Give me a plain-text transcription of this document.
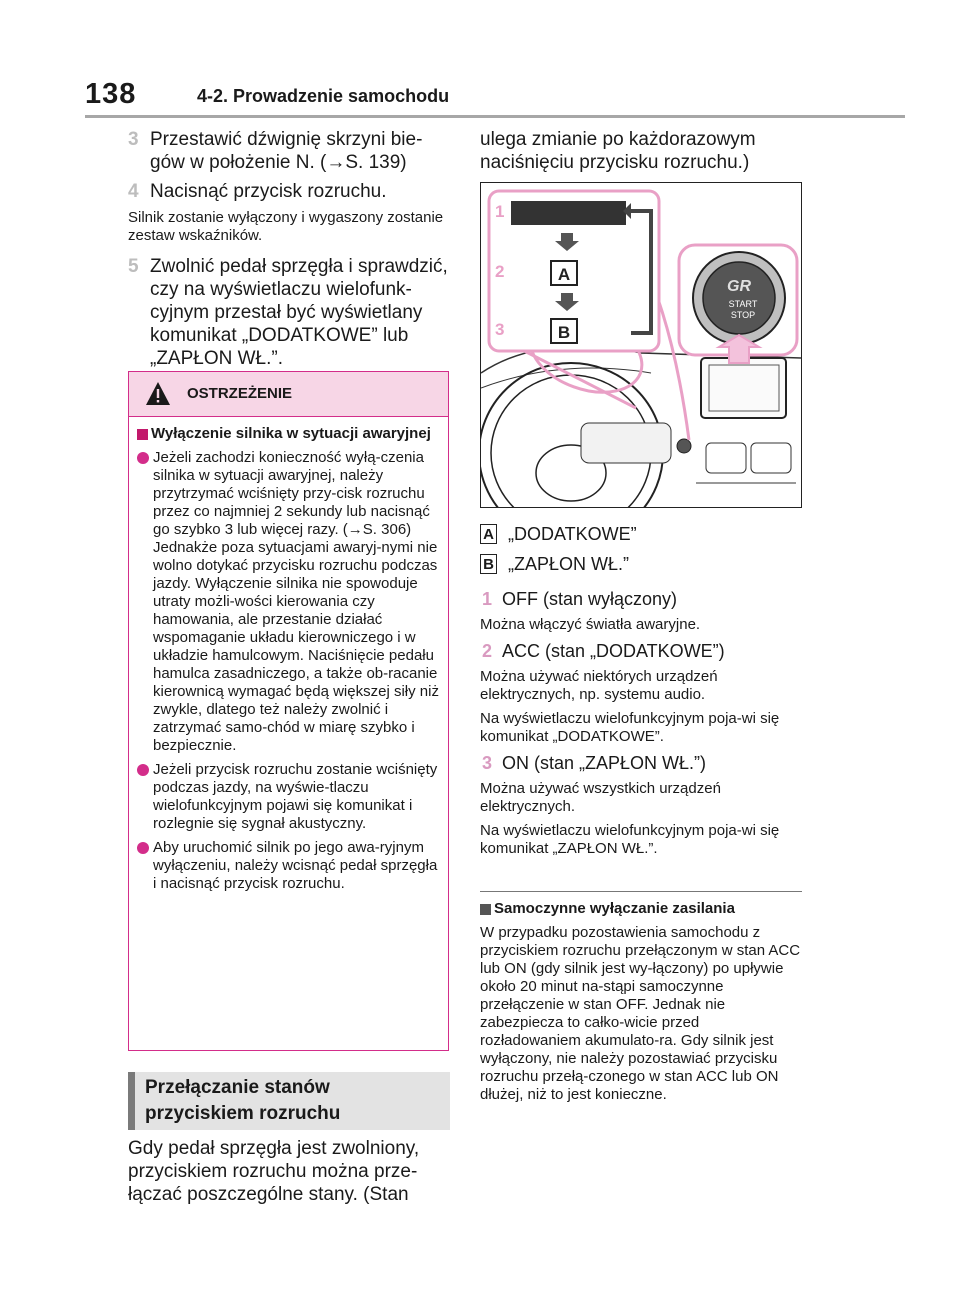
138	4-2. Prowadzenie samochodu
3 Przestawić dźwignię skrzyni bie-gów w położenie N. (→S. 139)
4 Nacisnąć przycisk rozruchu.
Silnik zostanie wyłączony i wygaszony zostanie zestaw wskaźników.
5 Zwolnić pedał sprzęgła i sprawdzić, czy na wyświetlaczu wielofunk-cyjnym przestał być wyświetlany komunikat „DODATKOWE” lub „ZAPŁON WŁ.”.
OSTRZEŻENIE
Wyłączenie silnika w sytuacji awaryjnej
Jeżeli zachodzi konieczność wyłą-czenia silnika w sytuacji awaryjnej, należy przytrzymać wciśnięty przy-cisk rozruchu przez co najmniej 2 sekundy lub nacisnąć go szybko 3 lub więcej razy. (→S. 306) Jednakże poza sytuacjami awaryj-nymi nie wolno dotykać przycisku rozruchu podczas jazdy. Wyłączenie silnika nie spowoduje utraty możli-wości kierowania czy hamowania, ale przestanie działać wspomaganie układu kierowniczego i w układzie hamulcowym. Naciśnięcie pedału hamulca zasadniczego, a także ob-racanie kierownicą wymagać będą większej siły niż zwykle, dlatego też należy zwolnić i zatrzymać samo-chód w miarę szybko i bezpiecznie.
Jeżeli przycisk rozruchu zostanie wciśnięty podczas jazdy, na wyświe-tlaczu wielofunkcyjnym pojawi się komunikat i rozlegnie się sygnał akustyczny.
Aby uruchomić silnik po jego awa-ryjnym wyłączeniu, należy wcisnąć pedał sprzęgła i nacisnąć przycisk rozruchu.
Przełączanie stanów
przyciskiem rozruchu
Gdy pedał sprzęgła jest zwolniony, przyciskiem rozruchu można prze-łączać poszczególne stany. (Stan
ulega zmianie po każdorazowym naciśnięciu przycisku rozruchu.)
1
2
3
A
B
GR
START
STOP
A „DODATKOWE”
B „ZAPŁON WŁ.”
1 OFF (stan wyłączony)
Można włączyć światła awaryjne.
2 ACC (stan „DODATKOWE”)
Można używać niektórych urządzeń elektrycznych, np. systemu audio.
Na wyświetlaczu wielofunkcyjnym poja-wi się komunikat „DODATKOWE”.
3 ON (stan „ZAPŁON WŁ.”)
Można używać wszystkich urządzeń elektrycznych.
Na wyświetlaczu wielofunkcyjnym poja-wi się komunikat „ZAPŁON WŁ.”.
Samoczynne wyłączanie zasilania
W przypadku pozostawienia samochodu z przyciskiem rozruchu przełączonym w stan ACC lub ON (gdy silnik jest wy-łączony) po upływie około 20 minut na-stąpi samoczynne przełączenie w stan OFF. Jednak nie zabezpiecza to całko-wicie przed rozładowaniem akumulato-ra. Gdy silnik jest wyłączony, nie należy pozostawiać przycisku rozruchu przełą-czonego w stan ACC lub ON dłużej, niż to jest konieczne.
